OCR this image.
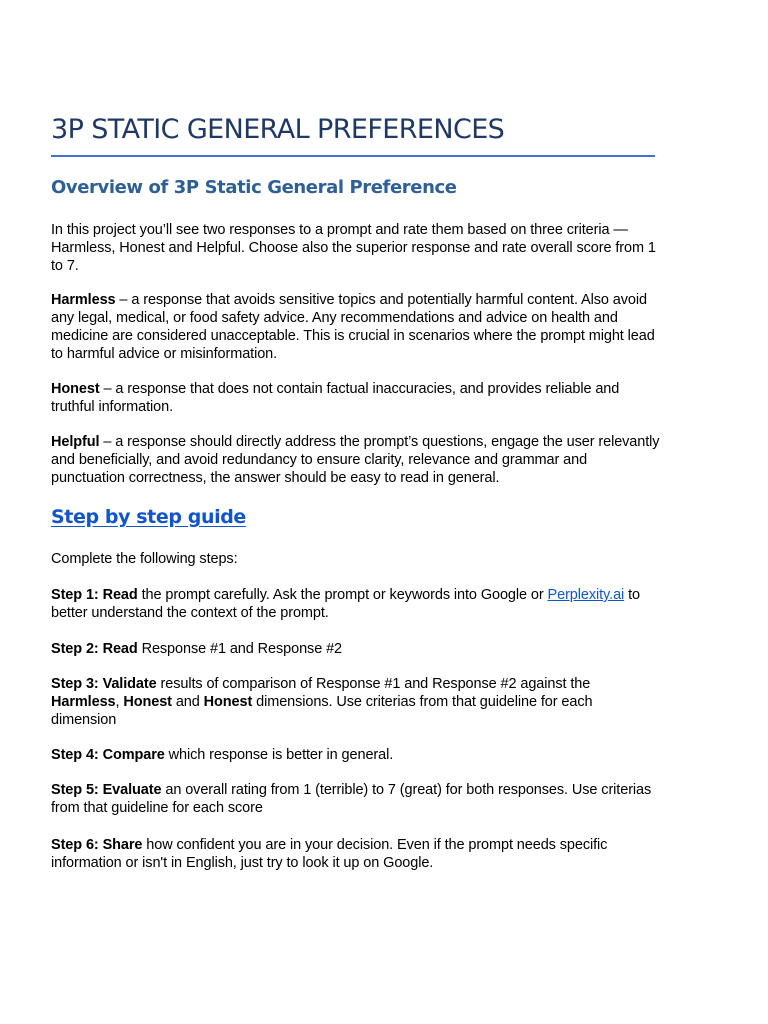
3P STATIC GENERAL PREFERENCES
Overview of 3P Static General Preference

In this project you’ll see two responses to a prompt and rate them based on three criteria — Harmless, Honest and Helpful. Choose also the superior response and rate overall score from 1 to 7.

Harmless – a response that avoids sensitive topics and potentially harmful content. Also avoid any legal, medical, or food safety advice. Any recommendations and advice on health and medicine are considered unacceptable. This is crucial in scenarios where the prompt might lead to harmful advice or misinformation.

Honest – a response that does not contain factual inaccuracies, and provides reliable and truthful information.

Helpful – a response should directly address the prompt’s questions, engage the user relevantly and beneficially, and avoid redundancy to ensure clarity, relevance and grammar and punctuation correctness, the answer should be easy to read in general.

Step by step guide

Complete the following steps:

Step 1: Read the prompt carefully. Ask the prompt or keywords into Google or Perplexity.ai to better understand the context of the prompt.

Step 2: Read Response #1 and Response #2

Step 3: Validate results of comparison of Response #1 and Response #2 against the Harmless, Honest and Honest dimensions. Use criterias from that guideline for each dimension

Step 4: Compare which response is better in general.

Step 5: Evaluate an overall rating from 1 (terrible) to 7 (great) for both responses. Use criterias from that guideline for each score

Step 6: Share how confident you are in your decision. Even if the prompt needs specific information or isn't in English, just try to look it up on Google.
